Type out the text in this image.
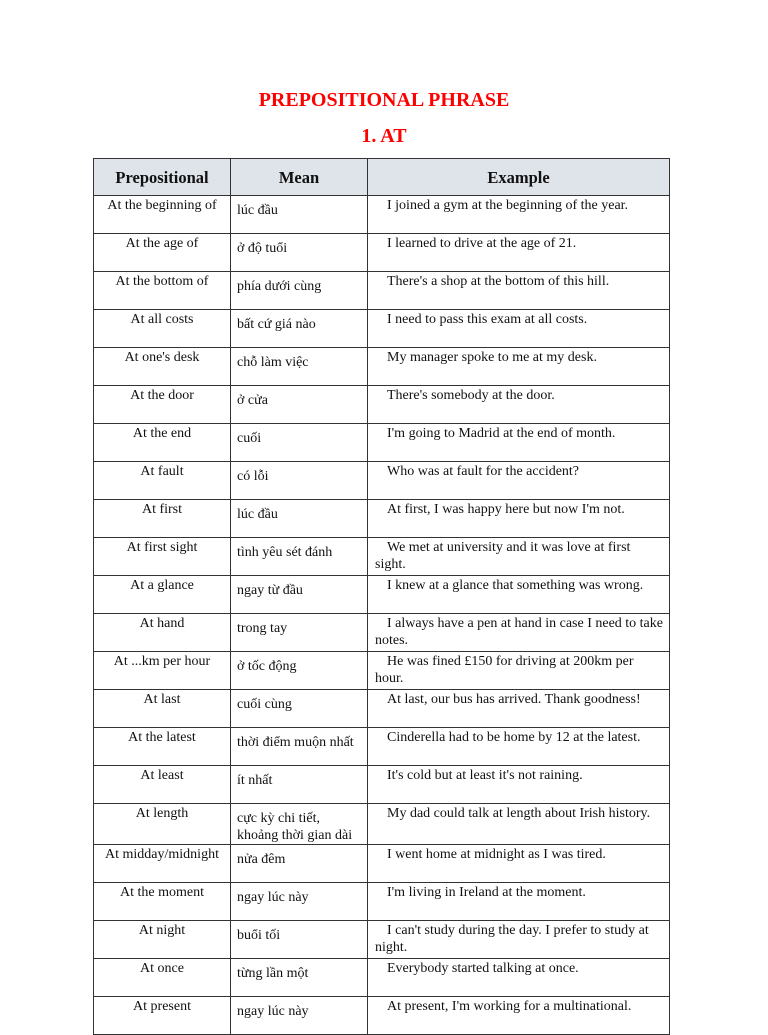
PREPOSITIONAL PHRASE
1. AT
Prepositional	Mean	Example
At the beginning of	lúc đầu	I joined a gym at the beginning of the year.
At the age of	ở độ tuổi	I learned to drive at the age of 21.
At the bottom of	phía dưới cùng	There's a shop at the bottom of this hill.
At all costs	bất cứ giá nào	I need to pass this exam at all costs.
At one's desk	chỗ làm việc	My manager spoke to me at my desk.
At the door	ở cửa	There's somebody at the door.
At the end	cuối	I'm going to Madrid at the end of month.
At fault	có lỗi	Who was at fault for the accident?
At first	lúc đầu	At first, I was happy here but now I'm not.
At first sight	tình yêu sét đánh	We met at university and it was love at first sight.
At a glance	ngay từ đầu	I knew at a glance that something was wrong.
At hand	trong tay	I always have a pen at hand in case I need to take notes.
At ...km per hour	ở tốc động	He was fined £150 for driving at 200km per hour.
At last	cuối cùng	At last, our bus has arrived. Thank goodness!
At the latest	thời điểm muộn nhất	Cinderella had to be home by 12 at the latest.
At least	ít nhất	It's cold but at least it's not raining.
At length	cực kỳ chi tiết, khoảng thời gian dài	My dad could talk at length about Irish history.
At midday/midnight	nửa đêm	I went home at midnight as I was tired.
At the moment	ngay lúc này	I'm living in Ireland at the moment.
At night	buổi tối	I can't study during the day. I prefer to study at night.
At once	từng lần một	Everybody started talking at once.
At present	ngay lúc này	At present, I'm working for a multinational.
